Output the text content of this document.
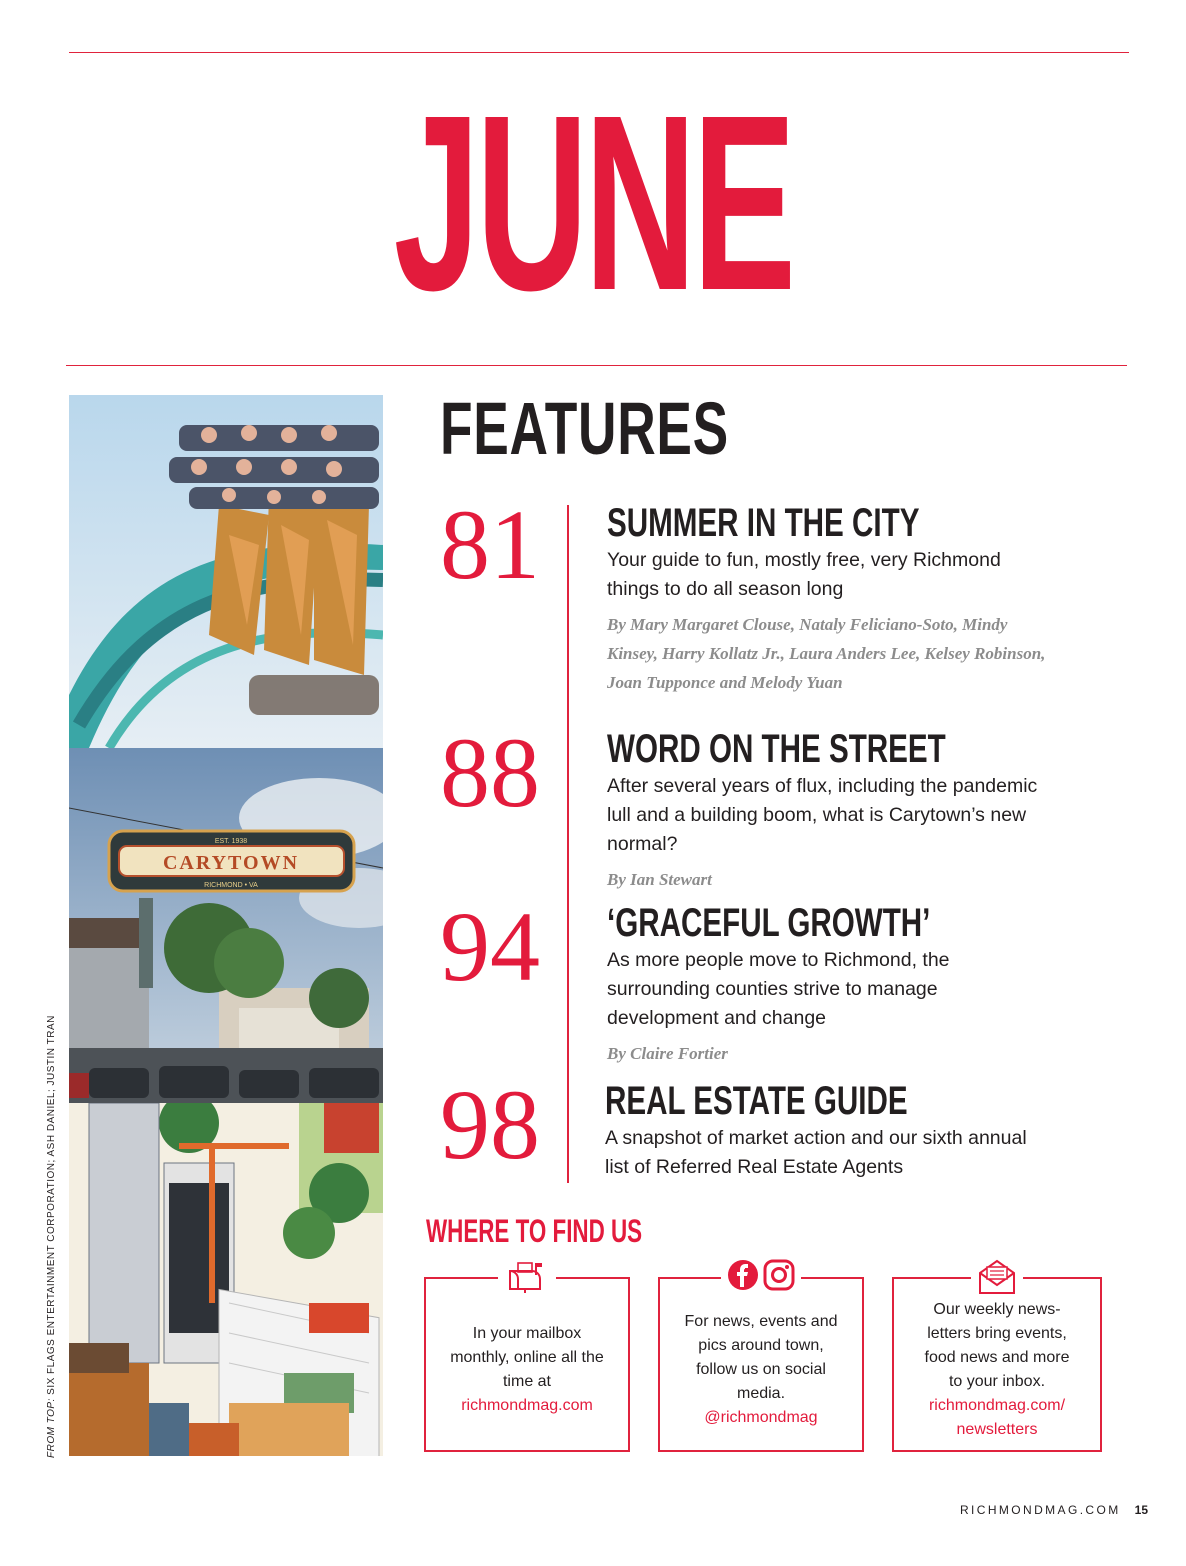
JUNE
EST. 1938
CARYTOWN
RICHMOND • VA
FROM TOP: SIX FLAGS ENTERTAINMENT CORPORATION; ASH DANIEL; JUSTIN TRAN
FEATURES
81 SUMMER IN THE CITY

Your guide to fun, mostly free, very Richmond things to do all season long

By Mary Margaret Clouse, Nataly Feliciano-Soto, Mindy Kinsey, Harry Kollatz Jr., Laura Anders Lee, Kelsey Robinson, Joan Tupponce and Melody Yuan

88 WORD ON THE STREET

After several years of flux, including the pandemic lull and a building boom, what is Carytown’s new normal?

By Ian Stewart

94 ‘GRACEFUL GROWTH’

As more people move to Richmond, the surrounding counties strive to manage development and change

By Claire Fortier

98 REAL ESTATE GUIDE

A snapshot of market action and our sixth annual list of Referred Real Estate Agents

WHERE TO FIND US
In your mailbox monthly, online all the time at
richmondmag.com
For news, events and pics around town, follow us on social media.
@richmondmag
Our weekly news-letters bring events, food news and more to your inbox.
richmondmag.com/ newsletters
RICHMONDMAG.COM 15
